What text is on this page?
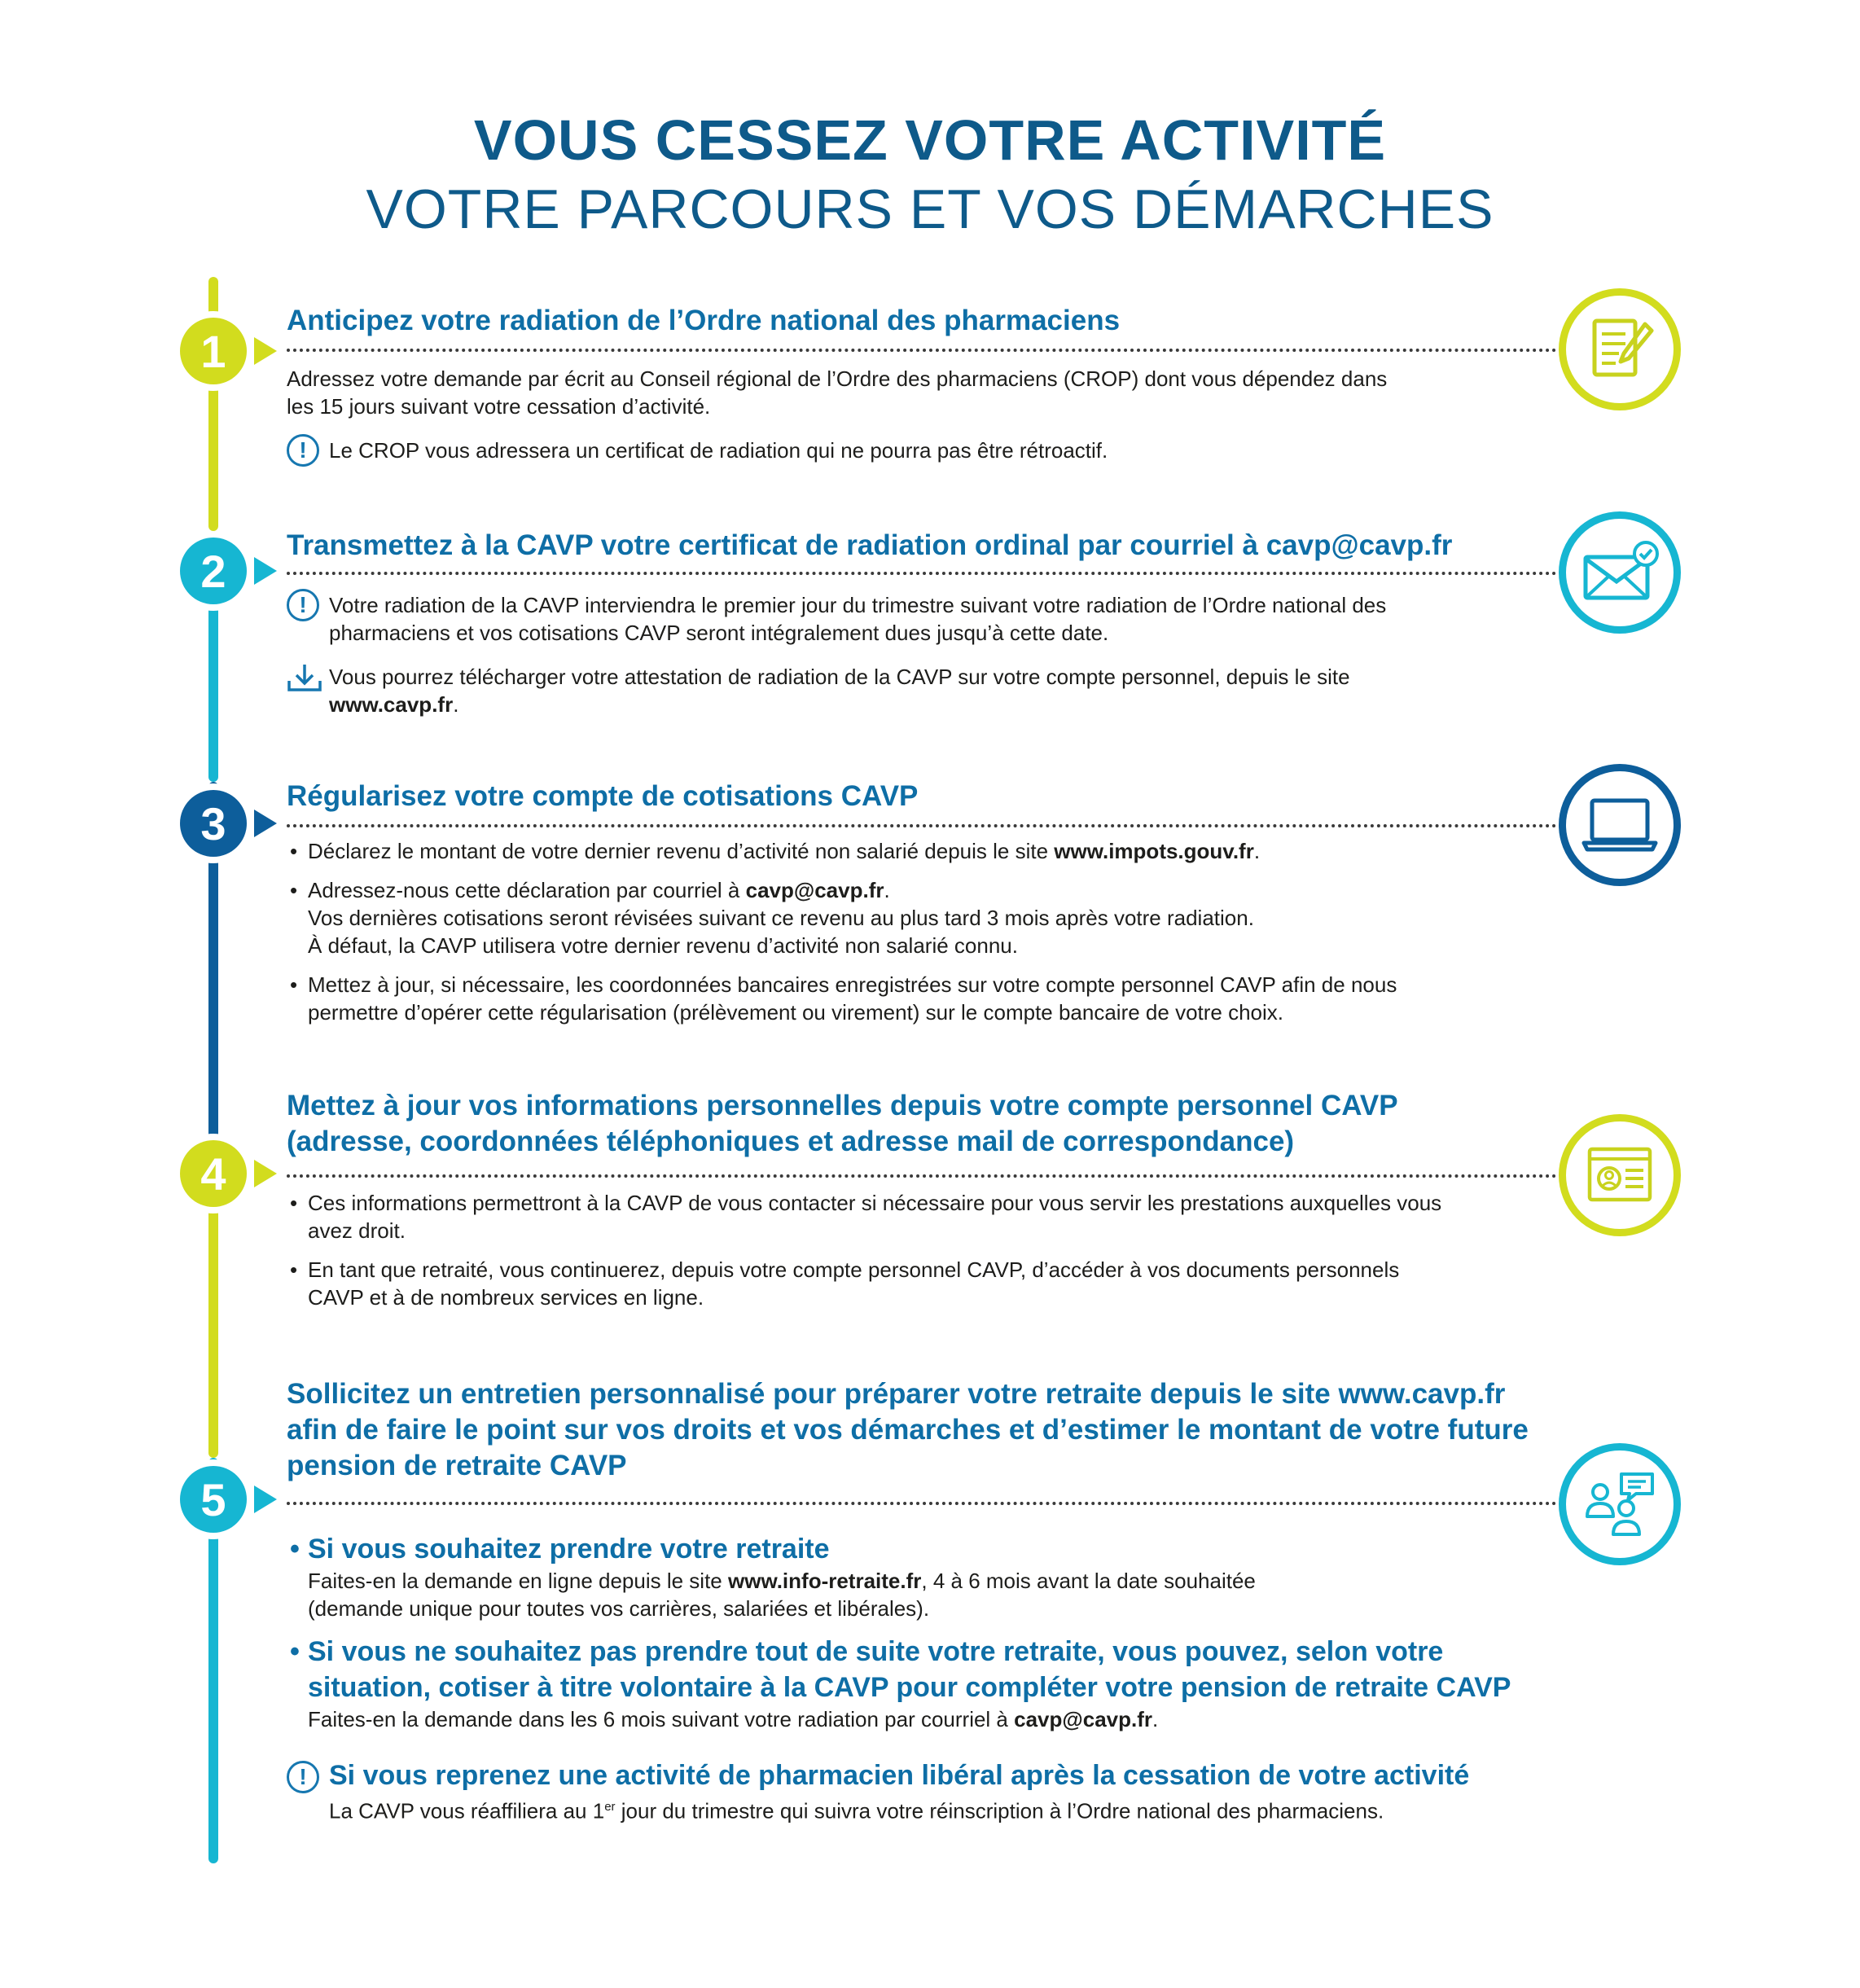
VOUS CESSEZ VOTRE ACTIVITÉ
VOTRE PARCOURS ET VOS DÉMARCHES
1
Anticipez votre radiation de l’Ordre national des pharmaciens
Adressez votre demande par écrit au Conseil régional de l’Ordre des pharmaciens (CROP) dont vous dépendez dans les 15 jours suivant votre cessation d’activité.
!	Le CROP vous adressera un certificat de radiation qui ne pourra pas être rétroactif.
2	Transmettez à la CAVP votre certificat de radiation ordinal par courriel à cavp@cavp.fr
!	Votre radiation de la CAVP interviendra le premier jour du trimestre suivant votre radiation de l’Ordre national des pharmaciens et vos cotisations CAVP seront intégralement dues jusqu’à cette date.
Vous pourrez télécharger votre attestation de radiation de la CAVP sur votre compte personnel, depuis le site www.cavp.fr.
3
Régularisez votre compte de cotisations CAVP
• Déclarez le montant de votre dernier revenu d’activité non salarié depuis le site www.impots.gouv.fr.
• Adressez-nous cette déclaration par courriel à cavp@cavp.fr.
Vos dernières cotisations seront révisées suivant ce revenu au plus tard 3 mois après votre radiation.
À défaut, la CAVP utilisera votre dernier revenu d’activité non salarié connu.
• Mettez à jour, si nécessaire, les coordonnées bancaires enregistrées sur votre compte personnel CAVP afin de nous permettre d’opérer cette régularisation (prélèvement ou virement) sur le compte bancaire de votre choix.
4
Mettez à jour vos informations personnelles depuis votre compte personnel CAVP
(adresse, coordonnées téléphoniques et adresse mail de correspondance)
• Ces informations permettront à la CAVP de vous contacter si nécessaire pour vous servir les prestations auxquelles vous avez droit.
• En tant que retraité, vous continuerez, depuis votre compte personnel CAVP, d’accéder à vos documents personnels CAVP et à de nombreux services en ligne.
5
Sollicitez un entretien personnalisé pour préparer votre retraite depuis le site www.cavp.fr
afin de faire le point sur vos droits et vos démarches et d’estimer le montant de votre future
pension de retraite CAVP
• Si vous souhaitez prendre votre retraite
Faites-en la demande en ligne depuis le site www.info-retraite.fr, 4 à 6 mois avant la date souhaitée
(demande unique pour toutes vos carrières, salariées et libérales).
• Si vous ne souhaitez pas prendre tout de suite votre retraite, vous pouvez, selon votre
situation, cotiser à titre volontaire à la CAVP pour compléter votre pension de retraite CAVP
Faites-en la demande dans les 6 mois suivant votre radiation par courriel à cavp@cavp.fr.
! Si vous reprenez une activité de pharmacien libéral après la cessation de votre activité
La CAVP vous réaffiliera au 1er jour du trimestre qui suivra votre réinscription à l’Ordre national des pharmaciens.
